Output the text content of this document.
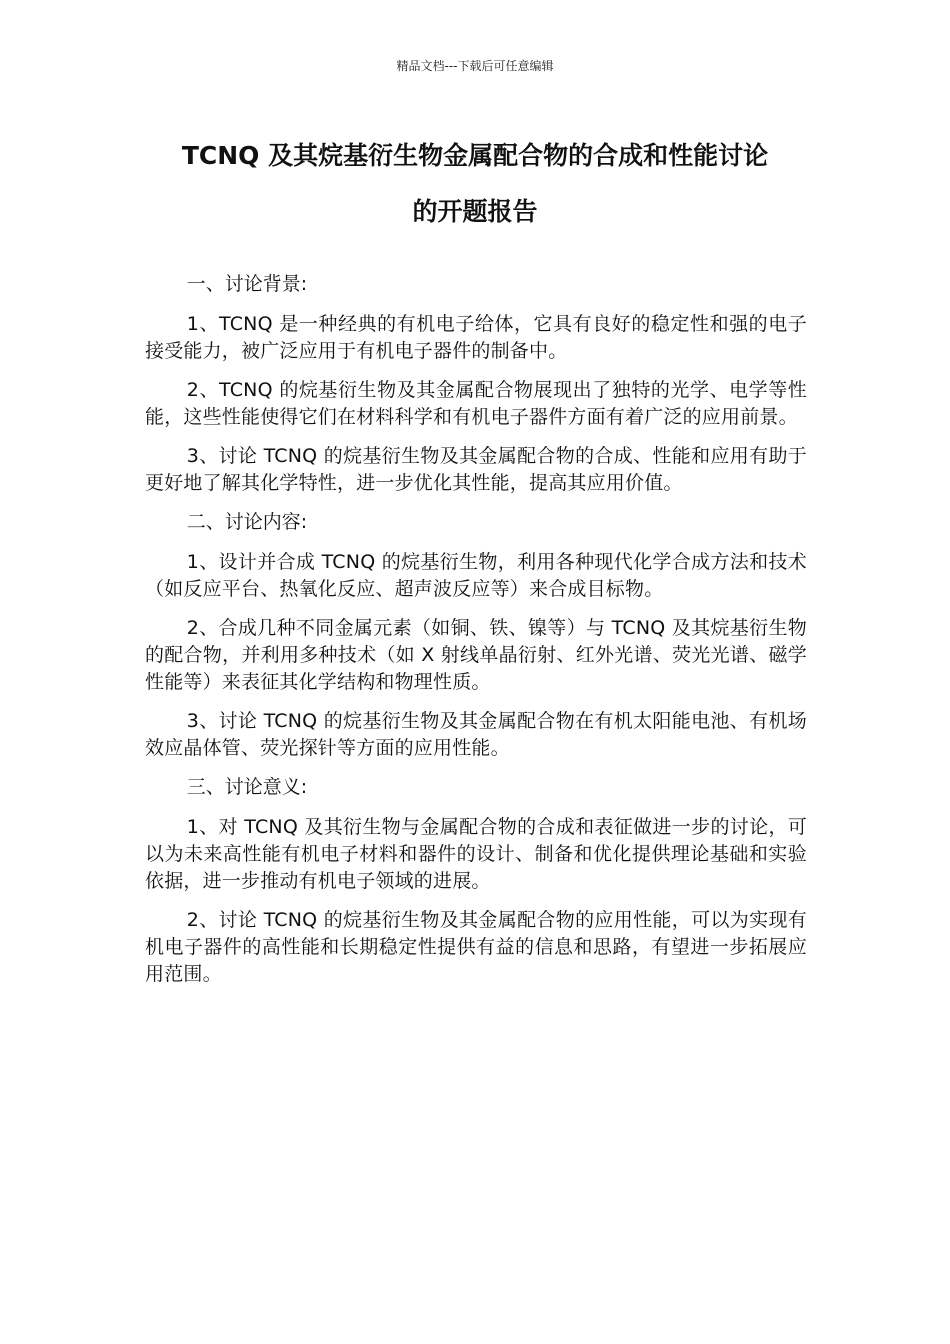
精品文档---下载后可任意编辑
TCNQ 及其烷基衍生物金属配合物的合成和性能讨论
的开题报告

一、讨论背景:

1、TCNQ 是一种经典的有机电子给体，它具有良好的稳定性和强的电子接受能力，被广泛应用于有机电子器件的制备中。

2、TCNQ 的烷基衍生物及其金属配合物展现出了独特的光学、电学等性能，这些性能使得它们在材料科学和有机电子器件方面有着广泛的应用前景。

3、讨论 TCNQ 的烷基衍生物及其金属配合物的合成、性能和应用有助于更好地了解其化学特性，进一步优化其性能，提高其应用价值。

二、讨论内容:

1、设计并合成 TCNQ 的烷基衍生物，利用各种现代化学合成方法和技术（如反应平台、热氧化反应、超声波反应等）来合成目标物。

2、合成几种不同金属元素（如铜、铁、镍等）与 TCNQ 及其烷基衍生物的配合物，并利用多种技术（如 X 射线单晶衍射、红外光谱、荧光光谱、磁学性能等）来表征其化学结构和物理性质。

3、讨论 TCNQ 的烷基衍生物及其金属配合物在有机太阳能电池、有机场效应晶体管、荧光探针等方面的应用性能。

三、讨论意义:

1、对 TCNQ 及其衍生物与金属配合物的合成和表征做进一步的讨论，可以为未来高性能有机电子材料和器件的设计、制备和优化提供理论基础和实验依据，进一步推动有机电子领域的进展。

2、讨论 TCNQ 的烷基衍生物及其金属配合物的应用性能，可以为实现有机电子器件的高性能和长期稳定性提供有益的信息和思路，有望进一步拓展应用范围。
